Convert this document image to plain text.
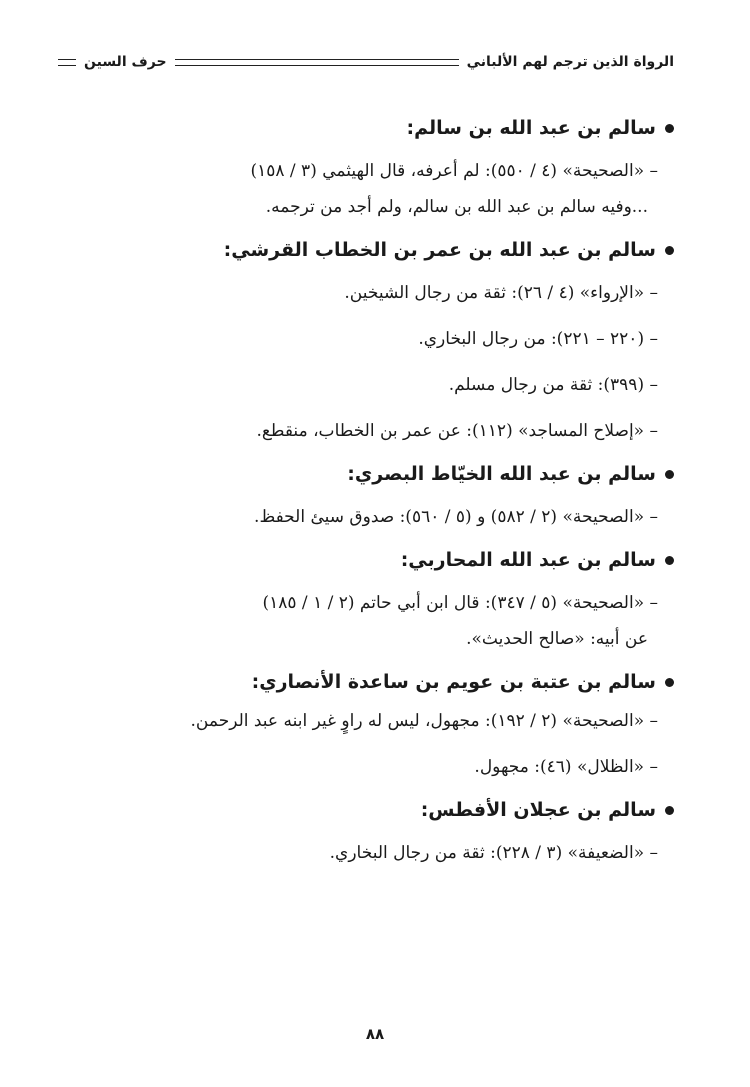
الرواة الذين ترجم لهم الألباني
حرف السين
سالم بن عبد الله بن سالم:
– «الصحيحة» (٤ / ٥٥٠): لم أعرفه، قال الهيثمي (٣ / ١٥٨)
...وفيه سالم بن عبد الله بن سالم، ولم أجد من ترجمه.
سالم بن عبد الله بن عمر بن الخطاب القرشي:
– «الإرواء» (٤ / ٢٦): ثقة من رجال الشيخين.
– (٢٢٠ – ٢٢١): من رجال البخاري.
– (٣٩٩): ثقة من رجال مسلم.
– «إصلاح المساجد» (١١٢): عن عمر بن الخطاب، منقطع.
سالم بن عبد الله الخيّاط البصري:
– «الصحيحة» (٢ / ٥٨٢) و (٥ / ٥٦٠): صدوق سيئ الحفظ.
سالم بن عبد الله المحاربي:
– «الصحيحة» (٥ / ٣٤٧): قال ابن أبي حاتم (٢ / ١ / ١٨٥)
عن أبيه: «صالح الحديث».
سالم بن عتبة بن عويم بن ساعدة الأنصاري:
– «الصحيحة» (٢ / ١٩٢): مجهول، ليس له راوٍ غير ابنه عبد الرحمن.
– «الظلال» (٤٦): مجهول.
سالم بن عجلان الأفطس:
– «الضعيفة» (٣ / ٢٢٨): ثقة من رجال البخاري.
٨٨
